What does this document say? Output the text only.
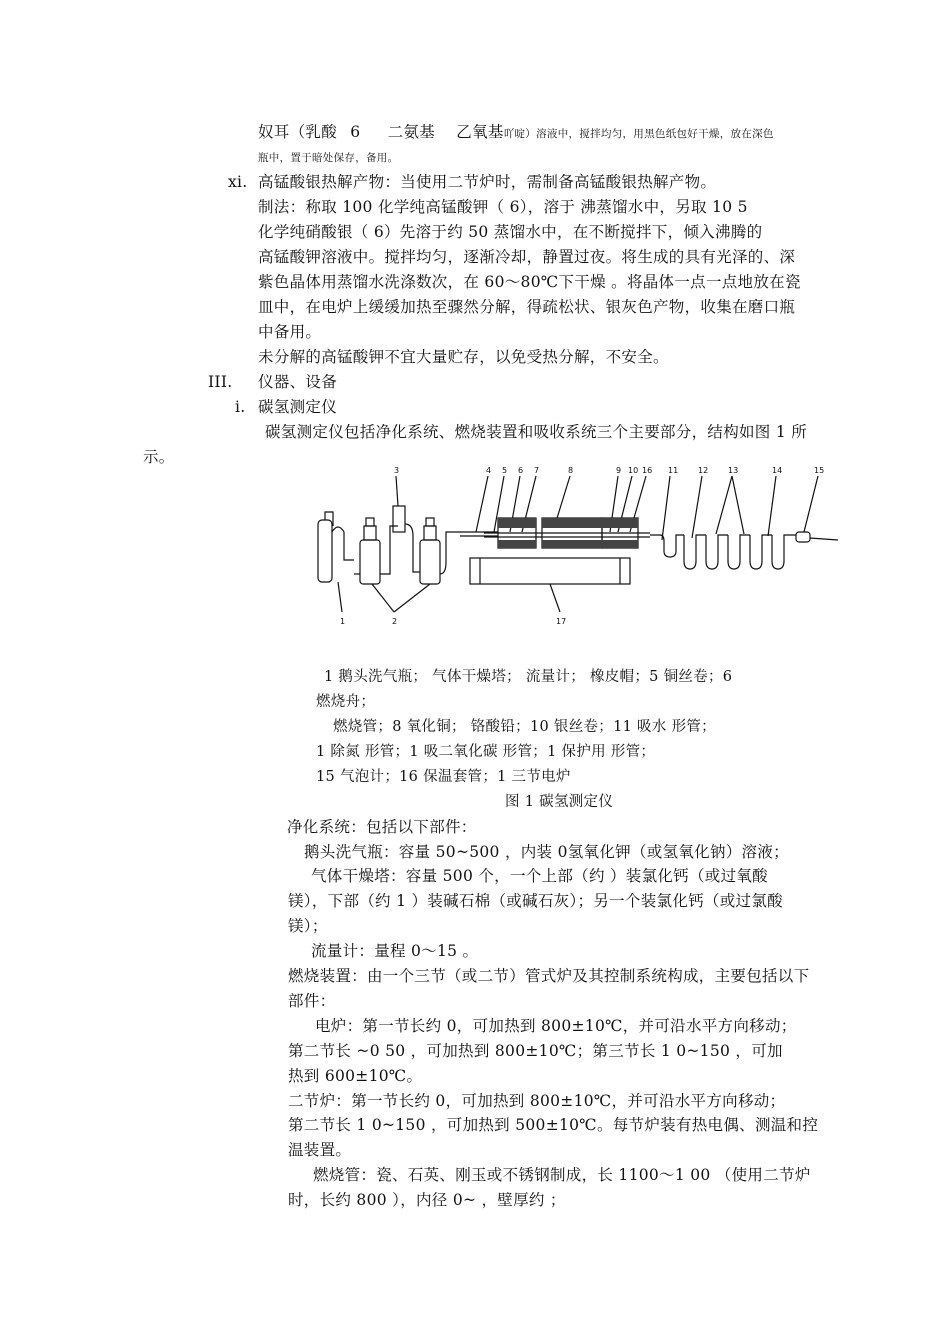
奴耳（乳酸 6 二氨基 乙氧基吖啶）溶液中，搅拌均匀，用黑色纸包好干燥，放在深色
瓶中，置于暗处保存，备用。
xi. 高锰酸银热解产物：当使用二节炉时，需制备高锰酸银热解产物。
制法：称取 100 化学纯高锰酸钾（ 6），溶于 沸蒸馏水中，另取 10 5
化学纯硝酸银（ 6）先溶于约 50 蒸馏水中，在不断搅拌下，倾入沸腾的
高锰酸钾溶液中。搅拌均匀，逐渐冷却，静置过夜。将生成的具有光泽的、深
紫色晶体用蒸馏水洗涤数次，在 60～80℃下干燥 。将晶体一点一点地放在瓷
皿中，在电炉上缓缓加热至骤然分解，得疏松状、银灰色产物，收集在磨口瓶
中备用。
未分解的高锰酸钾不宜大量贮存，以免受热分解，不安全。
III. 仪器、设备
i. 碳氢测定仪
碳氢测定仪包括净化系统、燃烧装置和吸收系统三个主要部分，结构如图 1 所
示。
3	4 5 6 7	8	9 10 16 11 12 13	14	15
1	2	17
1 鹅头洗气瓶； 气体干燥塔； 流量计； 橡皮帽；5 铜丝卷；6
燃烧舟；
燃烧管；8 氧化铜； 铬酸铅；10 银丝卷；11 吸水 形管；
1 除氮 形管；1 吸二氧化碳 形管；1 保护用 形管；
15 气泡计；16 保温套管；1 三节电炉
图 1 碳氢测定仪
净化系统：包括以下部件：
鹅头洗气瓶：容量 50~500 ，内装 0氢氧化钾（或氢氧化钠）溶液；
气体干燥塔：容量 500 个，一个上部（约 ）装氯化钙（或过氧酸
镁），下部（约 1 ）装碱石棉（或碱石灰）；另一个装氯化钙（或过氯酸
镁）；
流量计：量程 0～15 。
燃烧装置：由一个三节（或二节）管式炉及其控制系统构成，主要包括以下
部件：
电炉：第一节长约 0，可加热到 800±10℃，并可沿水平方向移动；
第二节长 ~0 50 ，可加热到 800±10℃；第三节长 1 0~150 ，可加
热到 600±10℃。
二节炉：第一节长约 0，可加热到 800±10℃，并可沿水平方向移动；
第二节长 1 0~150 ，可加热到 500±10℃。每节炉装有热电偶、测温和控
温装置。
燃烧管：瓷、石英、刚玉或不锈钢制成，长 1100～1 00 （使用二节炉
时，长约 800 ），内径 0~ ，壁厚约 ；
